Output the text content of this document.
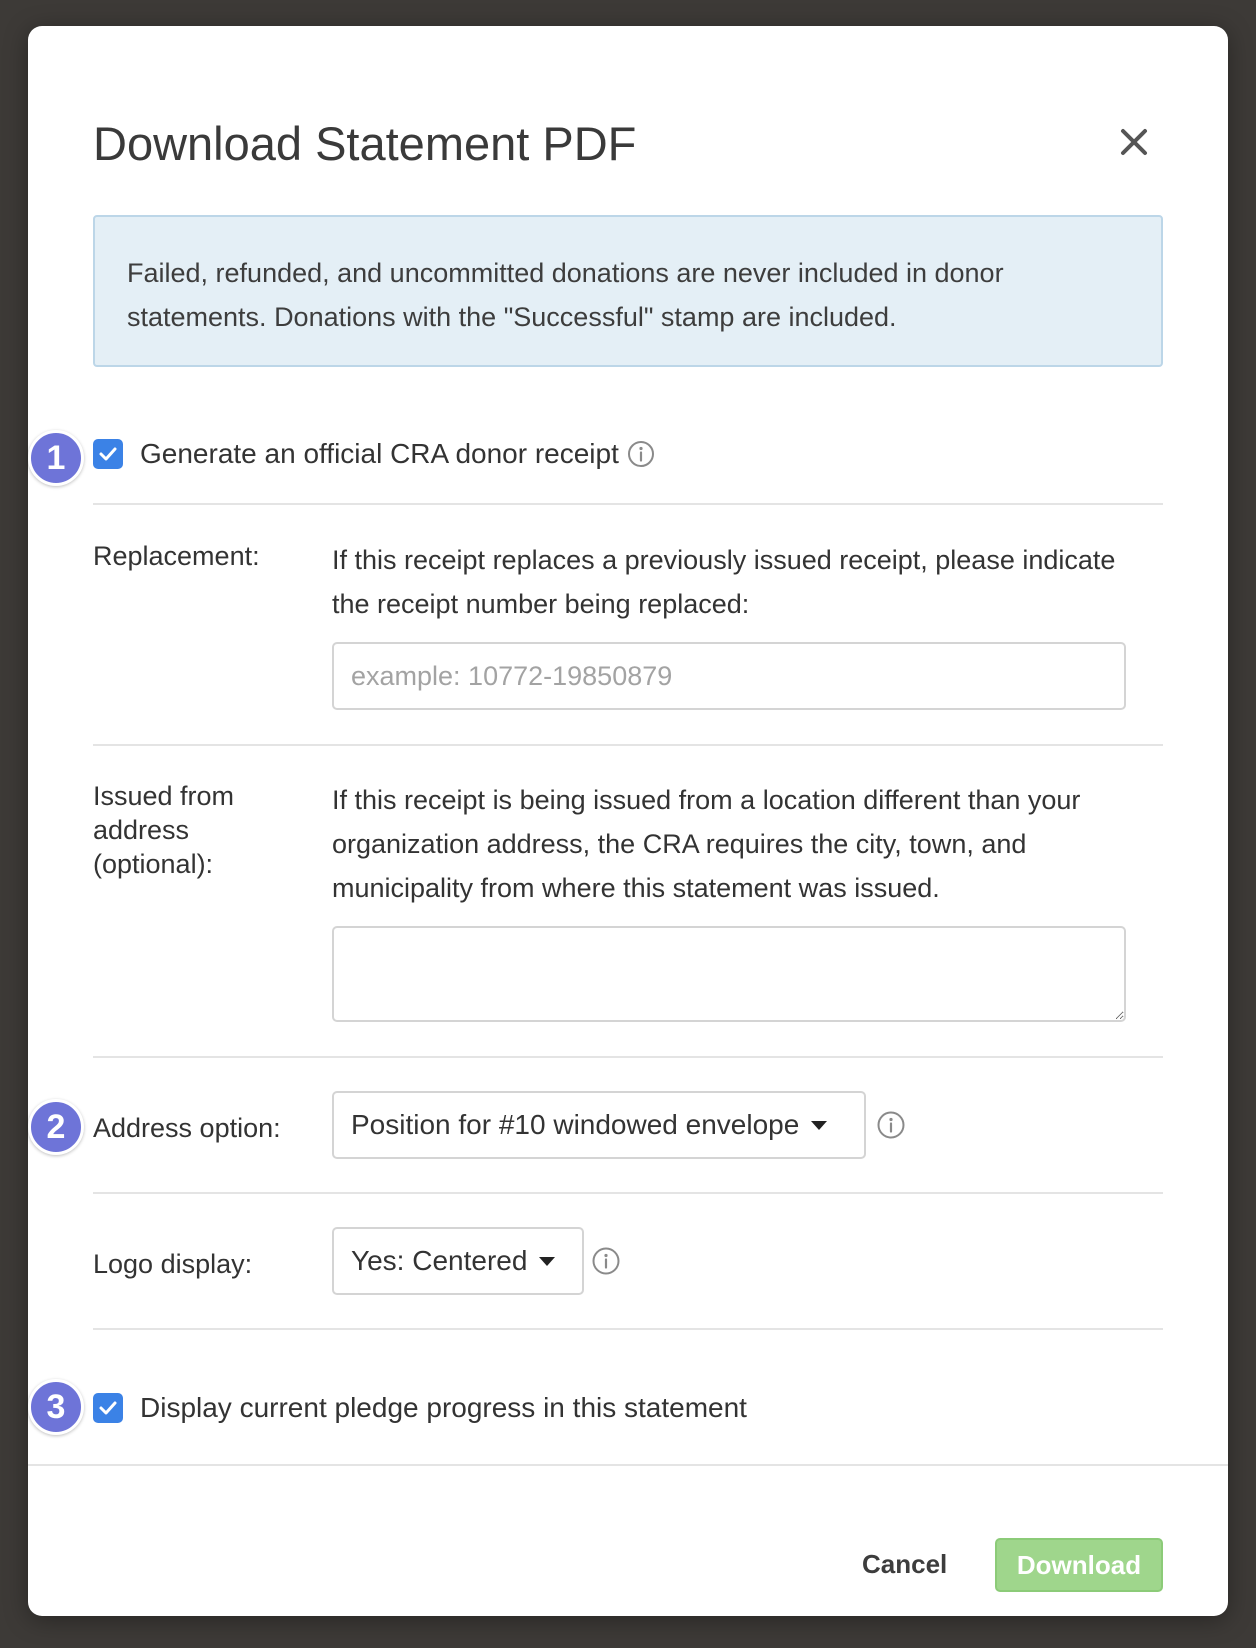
Download Statement PDF
Failed, refunded, and uncommitted donations are never included in donor statements. Donations with the "Successful" stamp are included.
1	Generate an official CRA donor receipt
Replacement:	If this receipt replaces a previously issued receipt, please indicate the receipt number being replaced:
example: 10772-19850879
Issued from address (optional):
If this receipt is being issued from a location different than your organization address, the CRA requires the city, town, and municipality from where this statement was issued.
2	Address option:	Position for #10 windowed envelope
Logo display:	Yes: Centered
3	Display current pledge progress in this statement
Cancel	Download
